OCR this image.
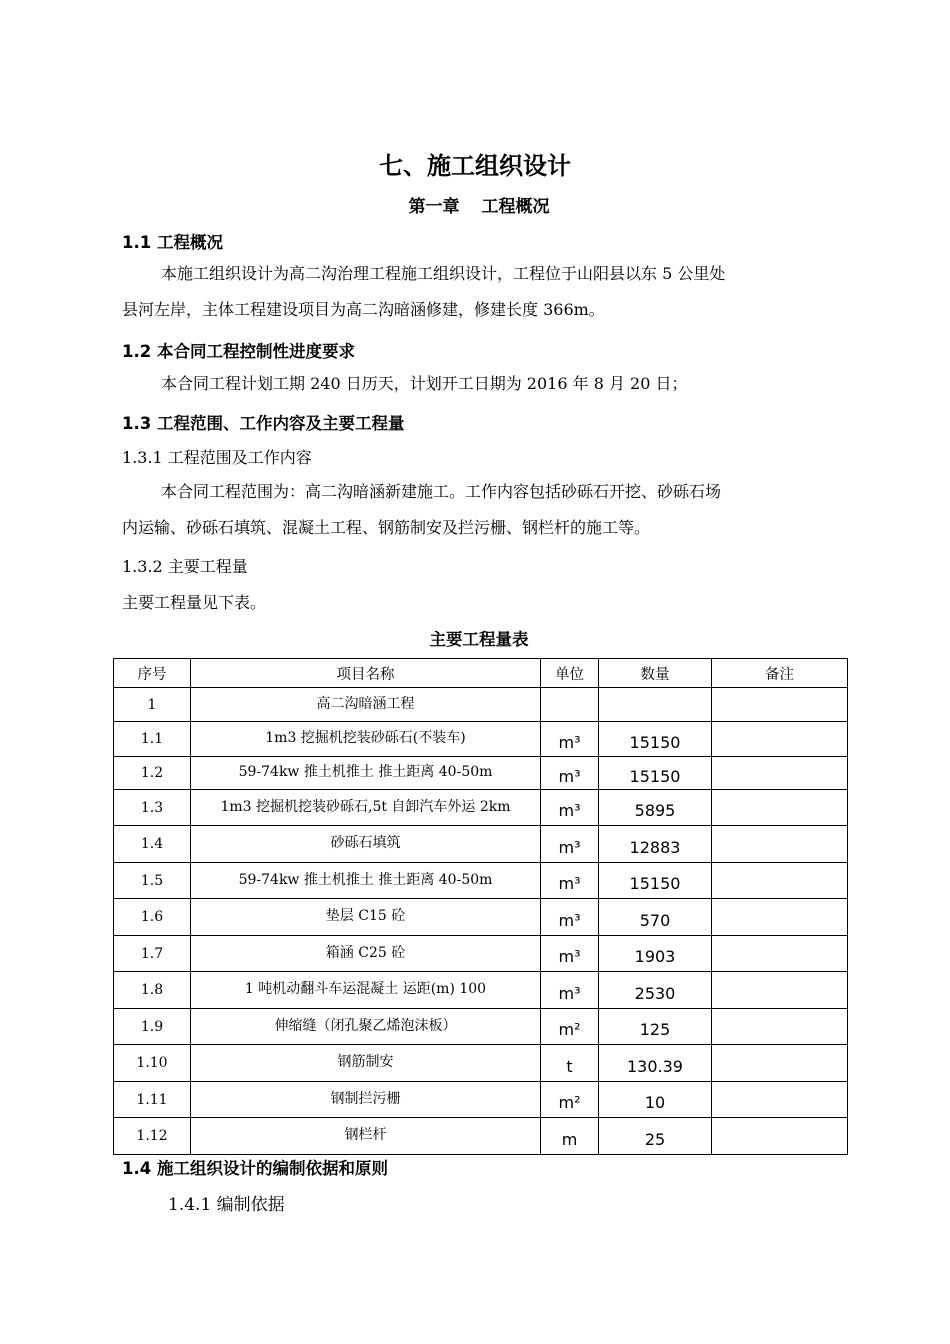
七、施工组织设计
第一章 工程概况
1.1 工程概况
本施工组织设计为高二沟治理工程施工组织设计，工程位于山阳县以东 5 公里处
县河左岸，主体工程建设项目为高二沟暗涵修建，修建长度 366m。
1.2 本合同工程控制性进度要求
本合同工程计划工期 240 日历天，计划开工日期为 2016 年 8 月 20 日；
1.3 工程范围、工作内容及主要工程量
1.3.1 工程范围及工作内容
本合同工程范围为：高二沟暗涵新建施工。工作内容包括砂砾石开挖、砂砾石场
内运输、砂砾石填筑、混凝土工程、钢筋制安及拦污栅、钢栏杆的施工等。
1.3.2 主要工程量
主要工程量见下表。
主要工程量表
序号	项目名称	单位	数量	备注
1	高二沟暗涵工程			
1.1	1m3 挖掘机挖装砂砾石(不装车)	m³	15150	
1.2	59-74kw 推土机推土 推土距离 40-50m	m³	15150	
1.3	1m3 挖掘机挖装砂砾石,5t 自卸汽车外运 2km	m³	5895	
1.4	砂砾石填筑	m³	12883	
1.5	59-74kw 推土机推土 推土距离 40-50m	m³	15150	
1.6	垫层 C15 砼	m³	570	
1.7	箱涵 C25 砼	m³	1903	
1.8	1 吨机动翻斗车运混凝土 运距(m) 100	m³	2530	
1.9	伸缩缝（闭孔聚乙烯泡沫板）	m²	125	
1.10	钢筋制安	t	130.39	
1.11	钢制拦污栅	m²	10	
1.12	钢栏杆	m	25	
1.4 施工组织设计的编制依据和原则
1.4.1 编制依据
